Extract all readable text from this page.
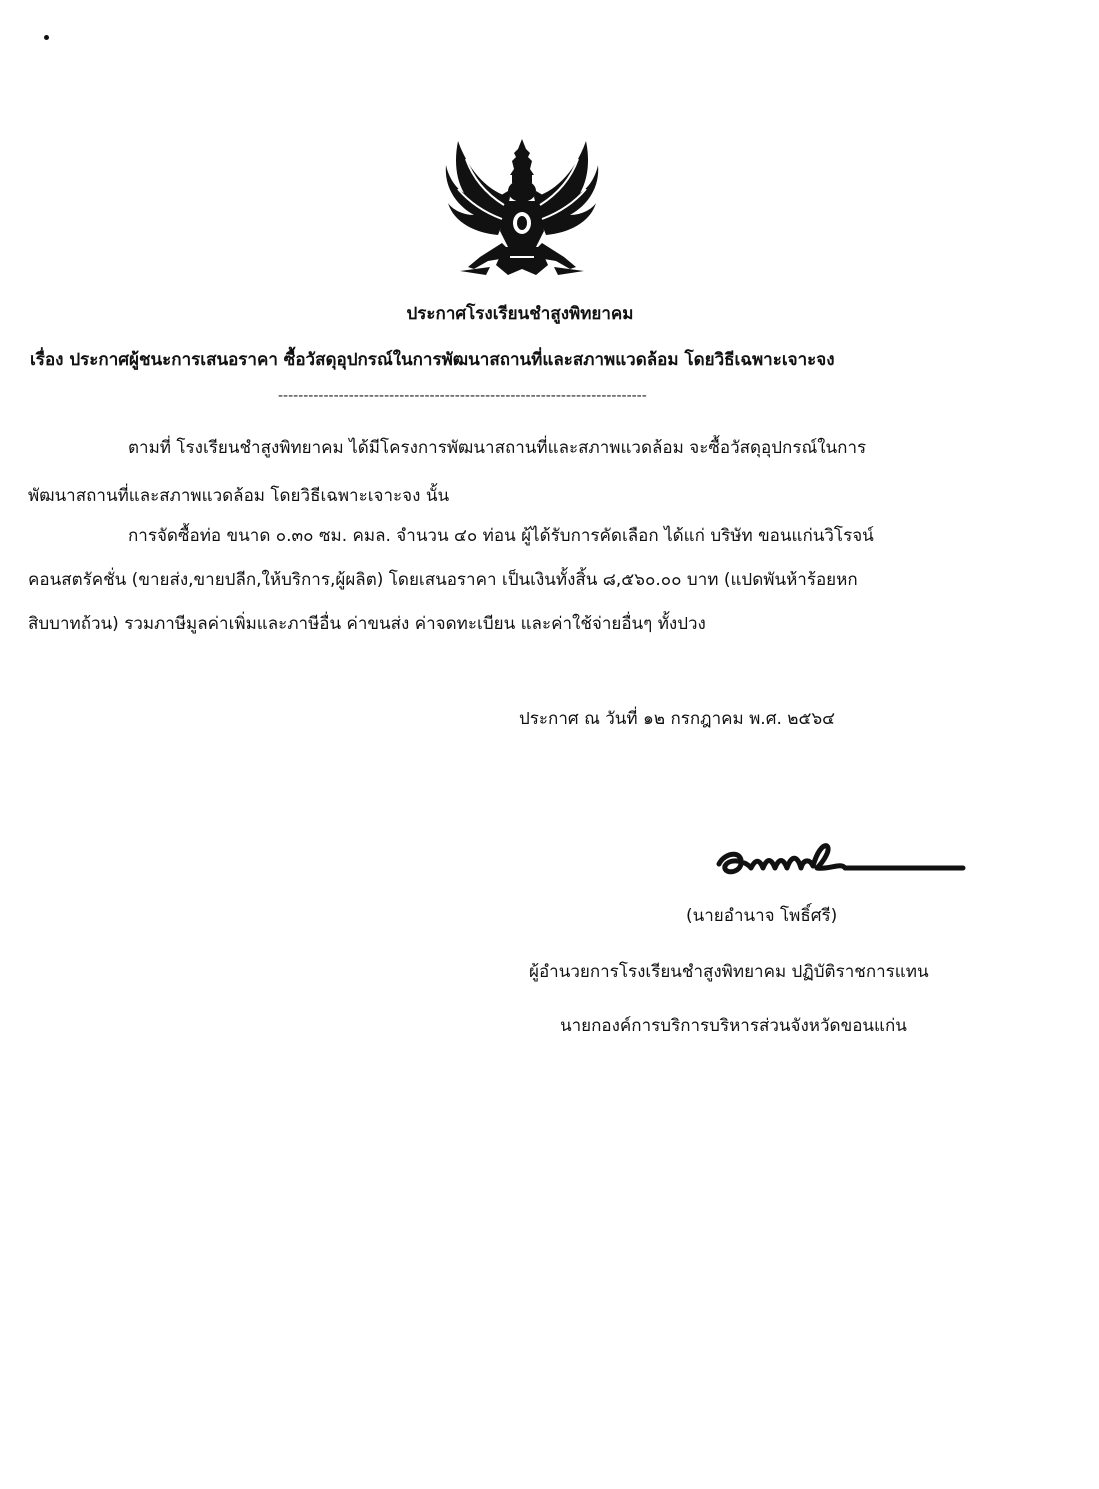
ประกาศโรงเรียนชำสูงพิทยาคม
เรื่อง ประกาศผู้ชนะการเสนอราคา ซื้อวัสดุอุปกรณ์ในการพัฒนาสถานที่และสภาพแวดล้อม โดยวิธีเฉพาะเจาะจง
-------------------------------------------------------------------------
ตามที่ โรงเรียนชำสูงพิทยาคม ได้มีโครงการพัฒนาสถานที่และสภาพแวดล้อม จะซื้อวัสดุอุปกรณ์ในการ
พัฒนาสถานที่และสภาพแวดล้อม โดยวิธีเฉพาะเจาะจง นั้น
การจัดซื้อท่อ ขนาด ๐.๓๐ ซม. คมล. จำนวน ๔๐ ท่อน ผู้ได้รับการคัดเลือก ได้แก่ บริษัท ขอนแก่นวิโรจน์
คอนสตรัคชั่น (ขายส่ง,ขายปลีก,ให้บริการ,ผู้ผลิต) โดยเสนอราคา เป็นเงินทั้งสิ้น ๘,๕๖๐.๐๐ บาท (แปดพันห้าร้อยหก
สิบบาทถ้วน) รวมภาษีมูลค่าเพิ่มและภาษีอื่น ค่าขนส่ง ค่าจดทะเบียน และค่าใช้จ่ายอื่นๆ ทั้งปวง
ประกาศ ณ วันที่ ๑๒ กรกฎาคม พ.ศ. ๒๕๖๔
(นายอำนาจ โพธิ์ศรี)
ผู้อำนวยการโรงเรียนชำสูงพิทยาคม ปฏิบัติราชการแทน
นายกองค์การบริการบริหารส่วนจังหวัดขอนแก่น
